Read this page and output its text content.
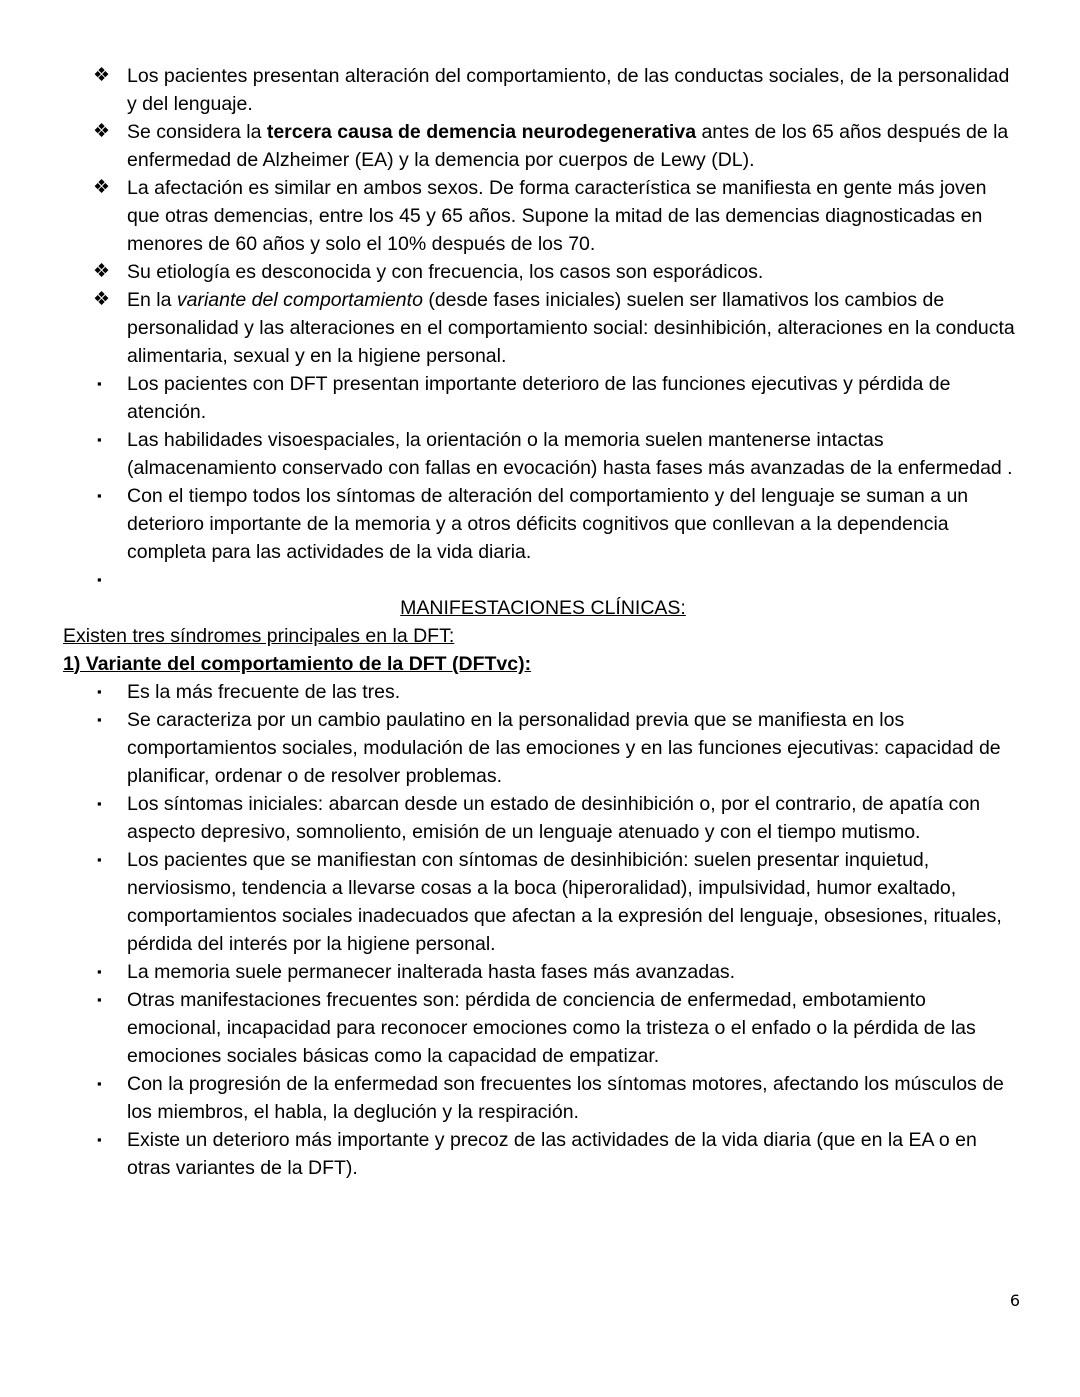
❖ Los pacientes presentan alteración del comportamiento, de las conductas sociales, de la personalidad y del lenguaje.
❖ Se considera la tercera causa de demencia neurodegenerativa antes de los 65 años después de la enfermedad de Alzheimer (EA) y la demencia por cuerpos de Lewy (DL).
❖ La afectación es similar en ambos sexos. De forma característica se manifiesta en gente más joven que otras demencias, entre los 45 y 65 años. Supone la mitad de las demencias diagnosticadas en menores de 60 años y solo el 10% después de los 70.
❖ Su etiología es desconocida y con frecuencia, los casos son esporádicos.
❖ En la variante del comportamiento (desde fases iniciales) suelen ser llamativos los cambios de personalidad y las alteraciones en el comportamiento social: desinhibición, alteraciones en la conducta alimentaria, sexual y en la higiene personal.
▪	Los pacientes con DFT presentan importante deterioro de las funciones ejecutivas y pérdida de atención.
▪	Las habilidades visoespaciales, la orientación o la memoria suelen mantenerse intactas (almacenamiento conservado con fallas en evocación) hasta fases más avanzadas de la enfermedad .
▪	Con el tiempo todos los síntomas de alteración del comportamiento y del lenguaje se suman a un deterioro importante de la memoria y a otros déficits cognitivos que conllevan a la dependencia completa para las actividades de la vida diaria.
▪

MANIFESTACIONES CLÍNICAS:
Existen tres síndromes principales en la DFT:
1) Variante del comportamiento de la DFT (DFTvc):
▪	Es la más frecuente de las tres.
▪	Se caracteriza por un cambio paulatino en la personalidad previa que se manifiesta en los comportamientos sociales, modulación de las emociones y en las funciones ejecutivas: capacidad de planificar, ordenar o de resolver problemas.
▪	Los síntomas iniciales: abarcan desde un estado de desinhibición o, por el contrario, de apatía con aspecto depresivo, somnoliento, emisión de un lenguaje atenuado y con el tiempo mutismo.
▪	Los pacientes que se manifiestan con síntomas de desinhibición: suelen presentar inquietud, nerviosismo, tendencia a llevarse cosas a la boca (hiperoralidad), impulsividad, humor exaltado, comportamientos sociales inadecuados que afectan a la expresión del lenguaje, obsesiones, rituales, pérdida del interés por la higiene personal.
▪	La memoria suele permanecer inalterada hasta fases más avanzadas.
▪	Otras manifestaciones frecuentes son: pérdida de conciencia de enfermedad, embotamiento emocional, incapacidad para reconocer emociones como la tristeza o el enfado o la pérdida de las emociones sociales básicas como la capacidad de empatizar.
▪	Con la progresión de la enfermedad son frecuentes los síntomas motores, afectando los músculos de los miembros, el habla, la deglución y la respiración.
▪	Existe un deterioro más importante y precoz de las actividades de la vida diaria (que en la EA o en otras variantes de la DFT).
6
